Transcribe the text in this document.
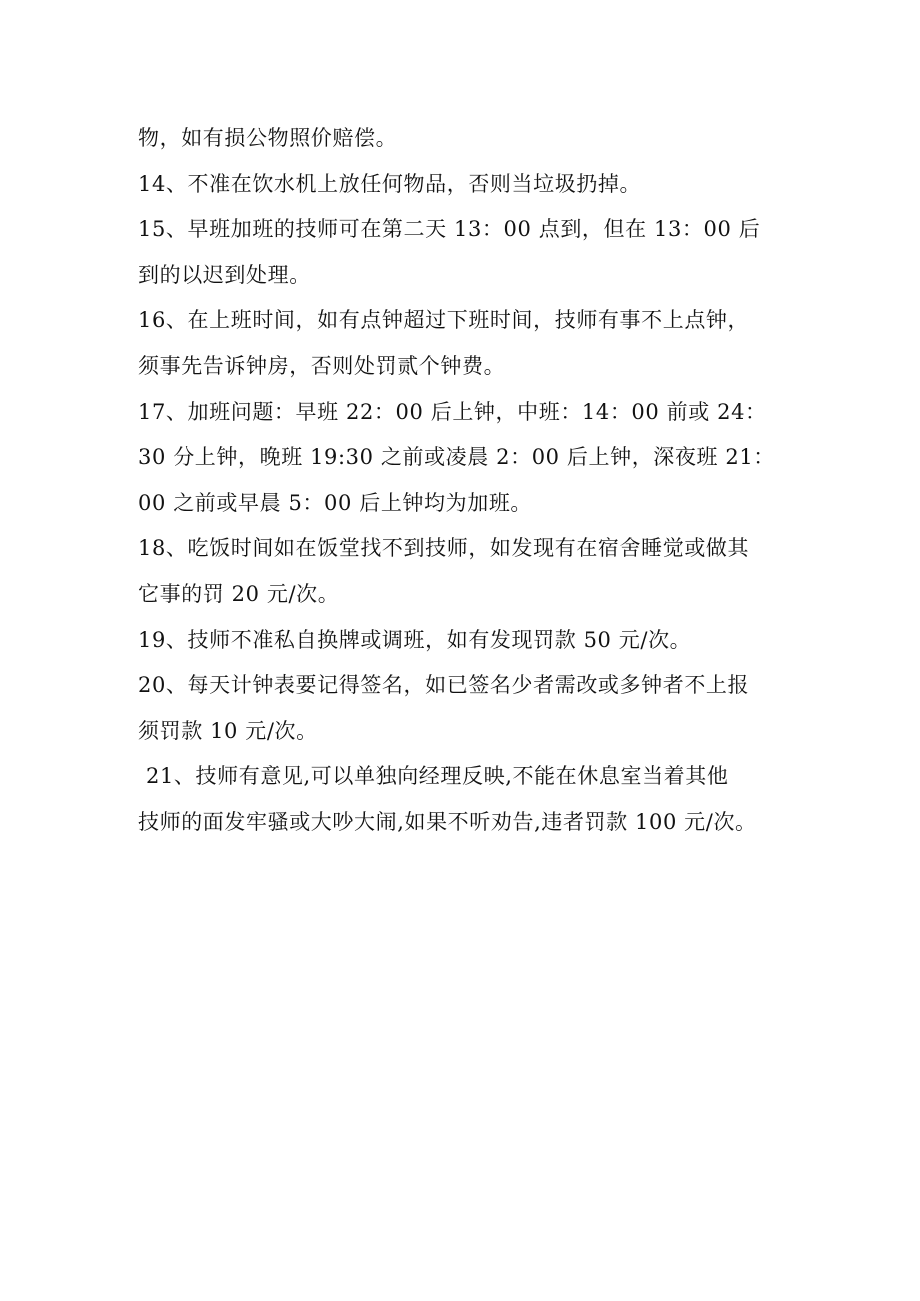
物，如有损公物照价赔偿。
14、不准在饮水机上放任何物品，否则当垃圾扔掉。
15、早班加班的技师可在第二天 13：00 点到，但在 13：00 后
到的以迟到处理。
16、在上班时间，如有点钟超过下班时间，技师有事不上点钟，
须事先告诉钟房，否则处罚贰个钟费。
17、加班问题：早班 22：00 后上钟，中班：14：00 前或 24：
30 分上钟，晚班 19:30 之前或凌晨 2：00 后上钟，深夜班 21：
00 之前或早晨 5：00 后上钟均为加班。
18、吃饭时间如在饭堂找不到技师，如发现有在宿舍睡觉或做其
它事的罚 20 元/次。
19、技师不准私自换牌或调班，如有发现罚款 50 元/次。
20、每天计钟表要记得签名，如已签名少者需改或多钟者不上报
须罚款 10 元/次。
21、技师有意见,可以单独向经理反映,不能在休息室当着其他
技师的面发牢骚或大吵大闹,如果不听劝告,违者罚款 100 元/次。
